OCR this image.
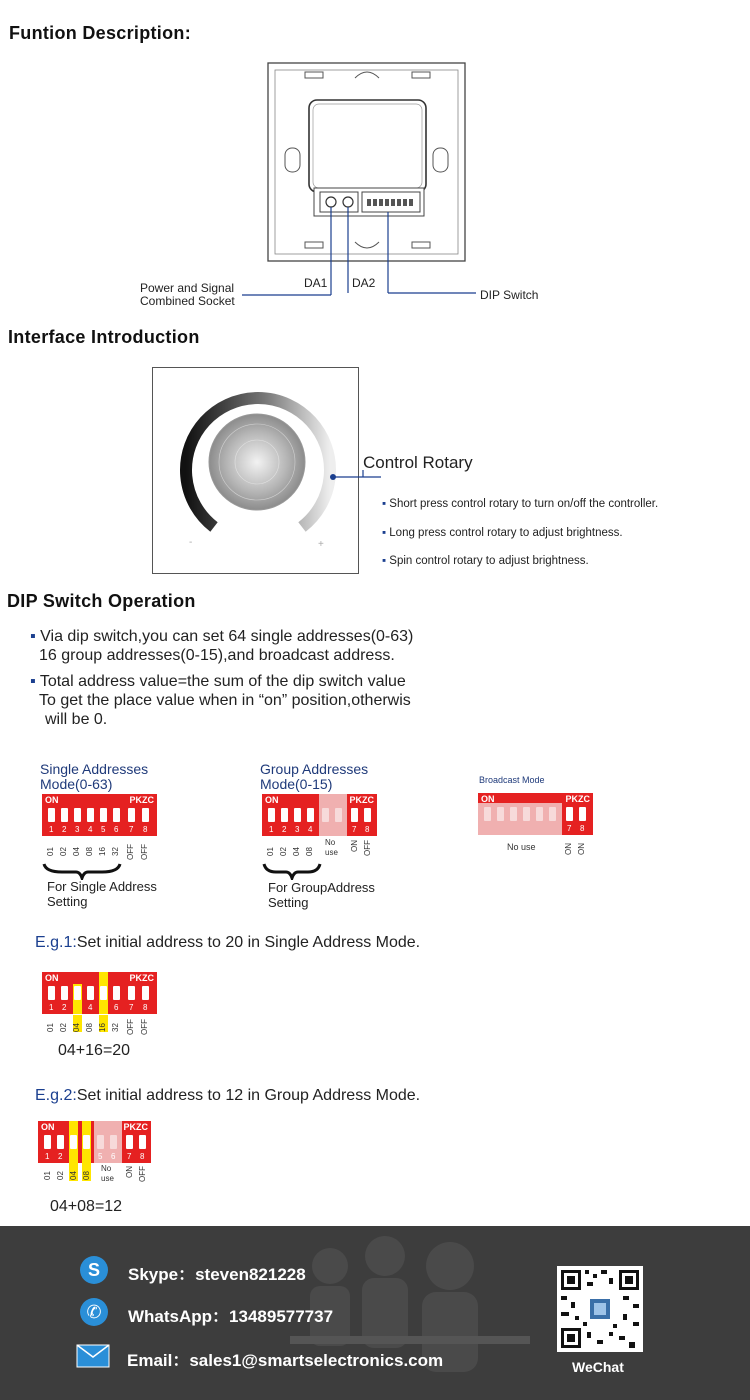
Funtion Description:
DA1 DA2
Power and Signal
Combined Socket	DIP Switch
Interface Introduction
-	+
Control Rotary
▪ Short press control rotary to turn on/off the controller.
▪ Long press control rotary to adjust brightness.
▪ Spin control rotary to adjust brightness.
DIP Switch Operation
▪ Via dip switch,you can set 64 single addresses(0-63)
16 group addresses(0-15),and broadcast address.
▪ Total address value=the sum of the dip switch value
To get the place value when in “on” position,otherwis
will be 0.
Single Addresses
Mode(0-63)
ON	PKZC
1 2 3 4 5 6 7 8
01 02 04 08 16 32 OFF OFF
For Single Address
Setting
Group Addresses
Mode(0-15)
ON	PKZC
1 2 3 4	7 8
01 02 04 08
No
use
ON OFF
For GroupAddress
Setting
Broadcast Mode
ON	PKZC
7 8
No use	ON ON
E.g.1:Set initial address to 20 in Single Address Mode.
ON	PKZC
1 2	4	6 7 8
01 02 04 08 16 32 OFF OFF
04+16=20
E.g.2:Set initial address to 12 in Group Address Mode.
ON	PKZC
1 2	5 6 7 8
01 02 04 08
No
use
ON OFF
04+08=12
S	Skype：steven821228
✆	WhatsApp：13489577737
Email：sales1@smartselectronics.com	WeChat
